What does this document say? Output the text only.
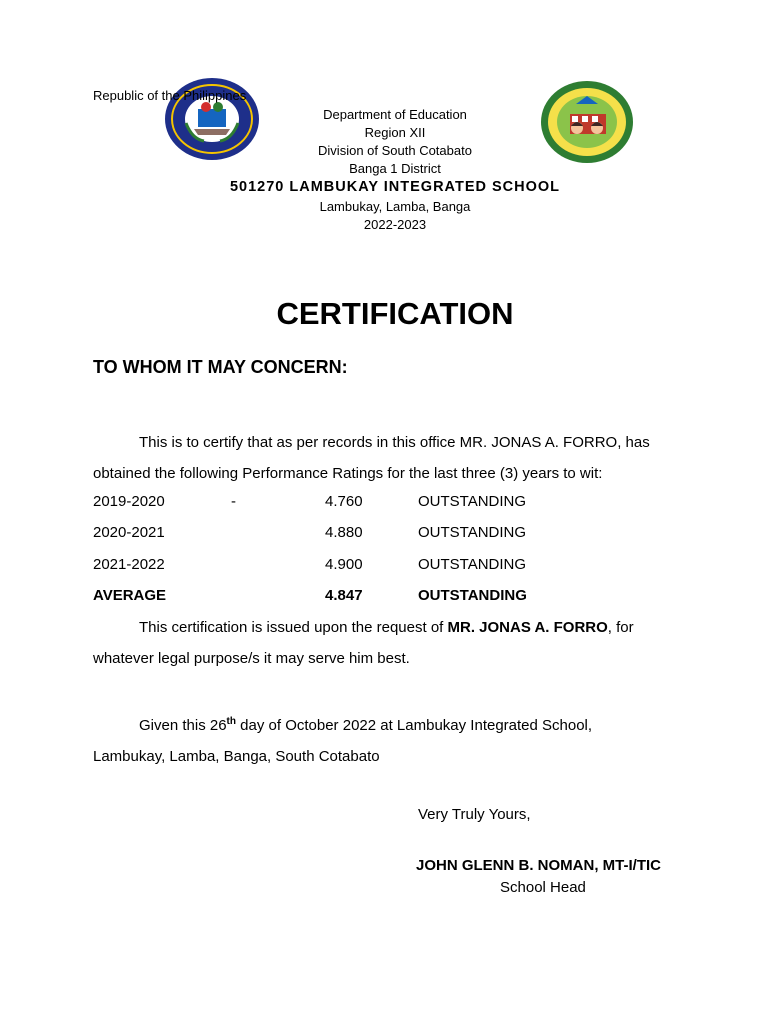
Republic of the Philippines
Department of Education
Region XII
Division of South Cotabato
Banga 1 District
501270 LAMBUKAY INTEGRATED SCHOOL
Lambukay, Lamba, Banga
2022-2023
CERTIFICATION
TO WHOM IT MAY CONCERN:
This is to certify that as per records in this office MR. JONAS A. FORRO, has
obtained the following Performance Ratings for the last three (3) years to wit:
2019-2020	-	4.760	OUTSTANDING
2020-2021	4.880	OUTSTANDING
2021-2022	4.900	OUTSTANDING
AVERAGE	4.847	OUTSTANDING
This certification is issued upon the request of MR. JONAS A. FORRO, for
whatever legal purpose/s it may serve him best.
Given this 26th day of October 2022 at Lambukay Integrated School,
Lambukay, Lamba, Banga, South Cotabato
Very Truly Yours,
JOHN GLENN B. NOMAN, MT-I/TIC
School Head
